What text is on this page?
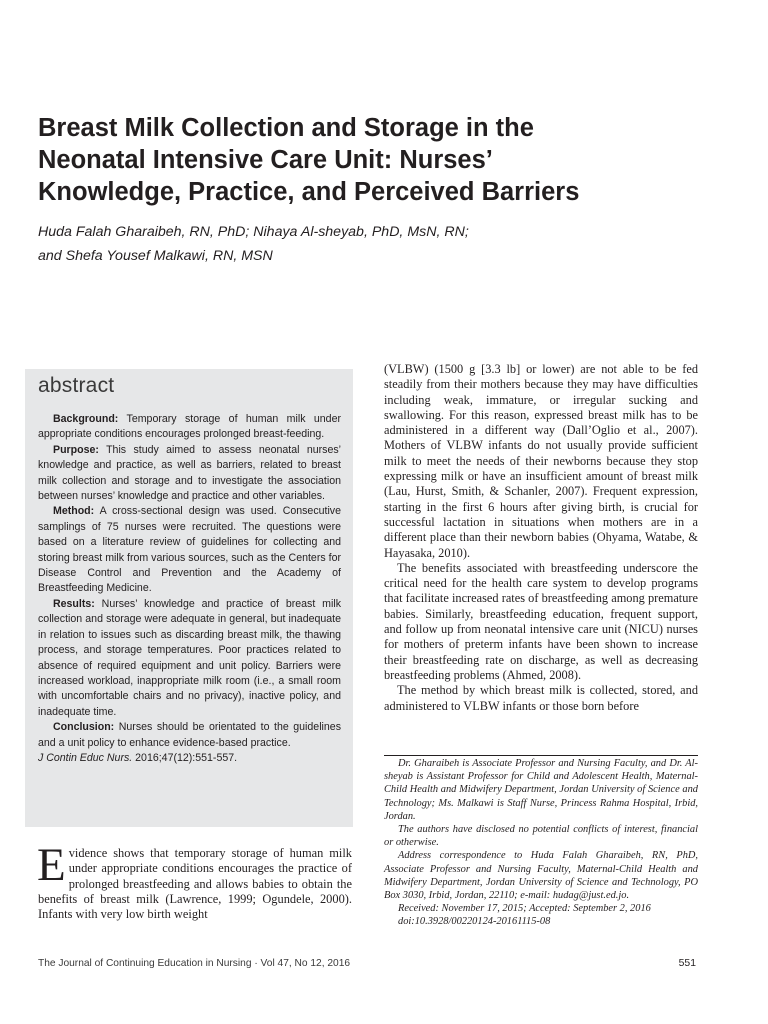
Breast Milk Collection and Storage in the
Neonatal Intensive Care Unit: Nurses’
Knowledge, Practice, and Perceived Barriers
Huda Falah Gharaibeh, RN, PhD; Nihaya Al-sheyab, PhD, MsN, RN;
and Shefa Yousef Malkawi, RN, MSN
abstract

Background: Temporary storage of human milk under appropriate conditions encourages prolonged breast-feeding.

Purpose: This study aimed to assess neonatal nurses’ knowledge and practice, as well as barriers, related to breast milk collection and storage and to investigate the association between nurses’ knowledge and practice and other variables.

Method: A cross-sectional design was used. Consecutive samplings of 75 nurses were recruited. The questions were based on a literature review of guidelines for collecting and storing breast milk from various sources, such as the Centers for Disease Control and Prevention and the Academy of Breastfeeding Medicine.

Results: Nurses’ knowledge and practice of breast milk collection and storage were adequate in general, but inadequate in relation to issues such as discarding breast milk, the thawing process, and storage temperatures. Poor practices related to absence of required equipment and unit policy. Barriers were increased workload, inappropriate milk room (i.e., a small room with uncomfortable chairs and no privacy), inactive policy, and inadequate time.

Conclusion: Nurses should be orientated to the guidelines and a unit policy to enhance evidence-based practice.

J Contin Educ Nurs. 2016;47(12):551-557.

Evidence shows that temporary storage of human milk under appropriate conditions encourages the practice of prolonged breastfeeding and allows babies to obtain the benefits of breast milk (Lawrence, 1999; Ogundele, 2000). Infants with very low birth weight

(VLBW) (1500 g [3.3 lb] or lower) are not able to be fed steadily from their mothers because they may have difficulties including weak, immature, or irregular sucking and swallowing. For this reason, expressed breast milk has to be administered in a different way (Dall’Oglio et al., 2007). Mothers of VLBW infants do not usually provide sufficient milk to meet the needs of their newborns because they stop expressing milk or have an insufficient amount of breast milk (Lau, Hurst, Smith, & Schanler, 2007). Frequent expression, starting in the first 6 hours after giving birth, is crucial for successful lactation in situations when mothers are in a different place than their newborn babies (Ohyama, Watabe, & Hayasaka, 2010).

The benefits associated with breastfeeding underscore the critical need for the health care system to develop programs that facilitate increased rates of breastfeeding among premature babies. Similarly, breastfeeding education, frequent support, and follow up from neonatal intensive care unit (NICU) nurses for mothers of preterm infants have been shown to increase their breastfeeding rate on discharge, as well as decreasing breastfeeding problems (Ahmed, 2008).

The method by which breast milk is collected, stored, and administered to VLBW infants or those born before

Dr. Gharaibeh is Associate Professor and Nursing Faculty, and Dr. Al-sheyab is Assistant Professor for Child and Adolescent Health, Maternal-Child Health and Midwifery Department, Jordan University of Science and Technology; Ms. Malkawi is Staff Nurse, Princess Rahma Hospital, Irbid, Jordan.

The authors have disclosed no potential conflicts of interest, financial or otherwise.

Address correspondence to Huda Falah Gharaibeh, RN, PhD, Associate Professor and Nursing Faculty, Maternal-Child Health and Midwifery Department, Jordan University of Science and Technology, PO Box 3030, Irbid, Jordan, 22110; e-mail: hudag@just.ed.jo.

Received: November 17, 2015; Accepted: September 2, 2016

doi:10.3928/00220124-20161115-08

The Journal of Continuing Education in Nursing · Vol 47, No 12, 2016	551
